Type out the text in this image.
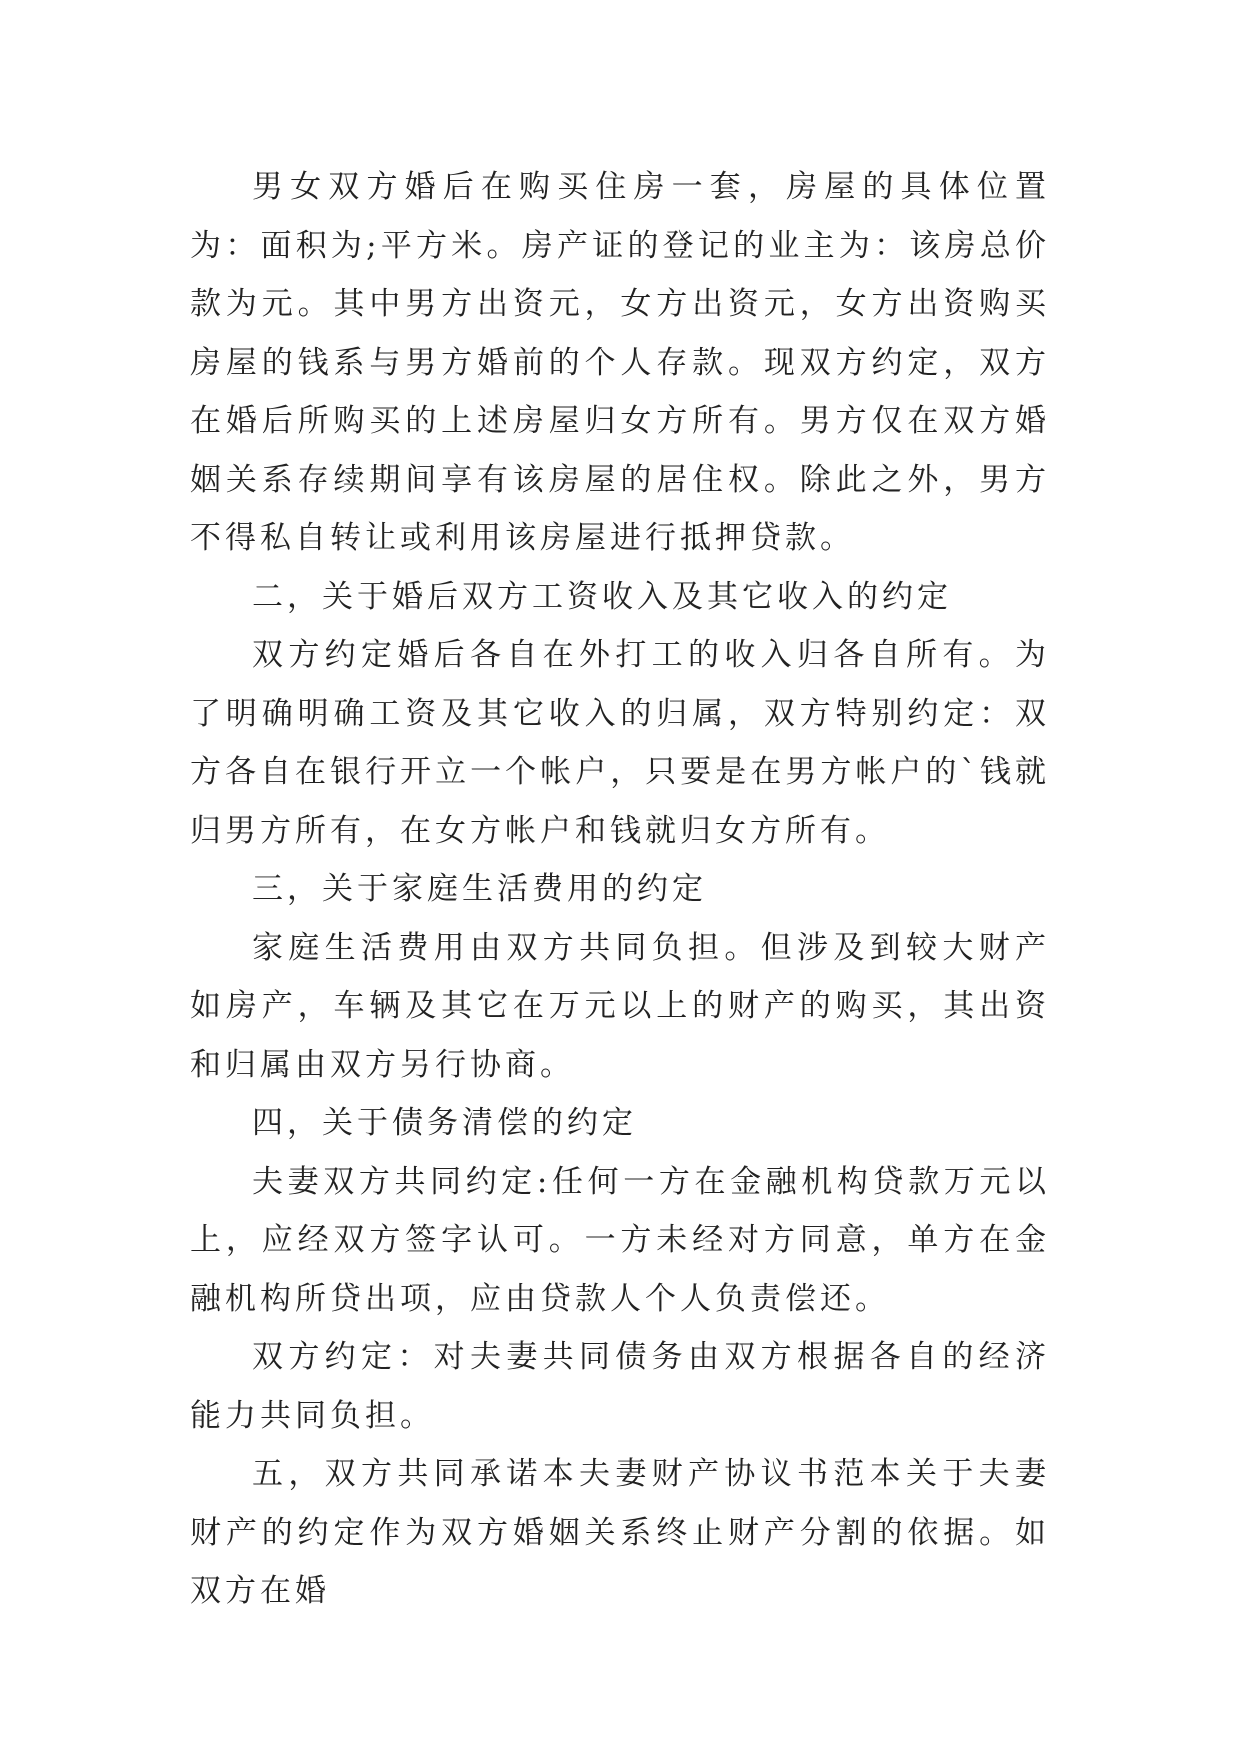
男女双方婚后在购买住房一套，房屋的具体位置为：面积为;平方米。房产证的登记的业主为：该房总价款为元。其中男方出资元，女方出资元，女方出资购买房屋的钱系与男方婚前的个人存款。现双方约定，双方在婚后所购买的上述房屋归女方所有。男方仅在双方婚姻关系存续期间享有该房屋的居住权。除此之外，男方不得私自转让或利用该房屋进行抵押贷款。

二，关于婚后双方工资收入及其它收入的约定

双方约定婚后各自在外打工的收入归各自所有。为了明确明确工资及其它收入的归属，双方特别约定：双方各自在银行开立一个帐户，只要是在男方帐户的`钱就归男方所有，在女方帐户和钱就归女方所有。

三，关于家庭生活费用的约定

家庭生活费用由双方共同负担。但涉及到较大财产如房产，车辆及其它在万元以上的财产的购买，其出资和归属由双方另行协商。

四，关于债务清偿的约定

夫妻双方共同约定:任何一方在金融机构贷款万元以上，应经双方签字认可。一方未经对方同意，单方在金融机构所贷出项，应由贷款人个人负责偿还。

双方约定：对夫妻共同债务由双方根据各自的经济能力共同负担。

五，双方共同承诺本夫妻财产协议书范本关于夫妻财产的约定作为双方婚姻关系终止财产分割的依据。如双方在婚
